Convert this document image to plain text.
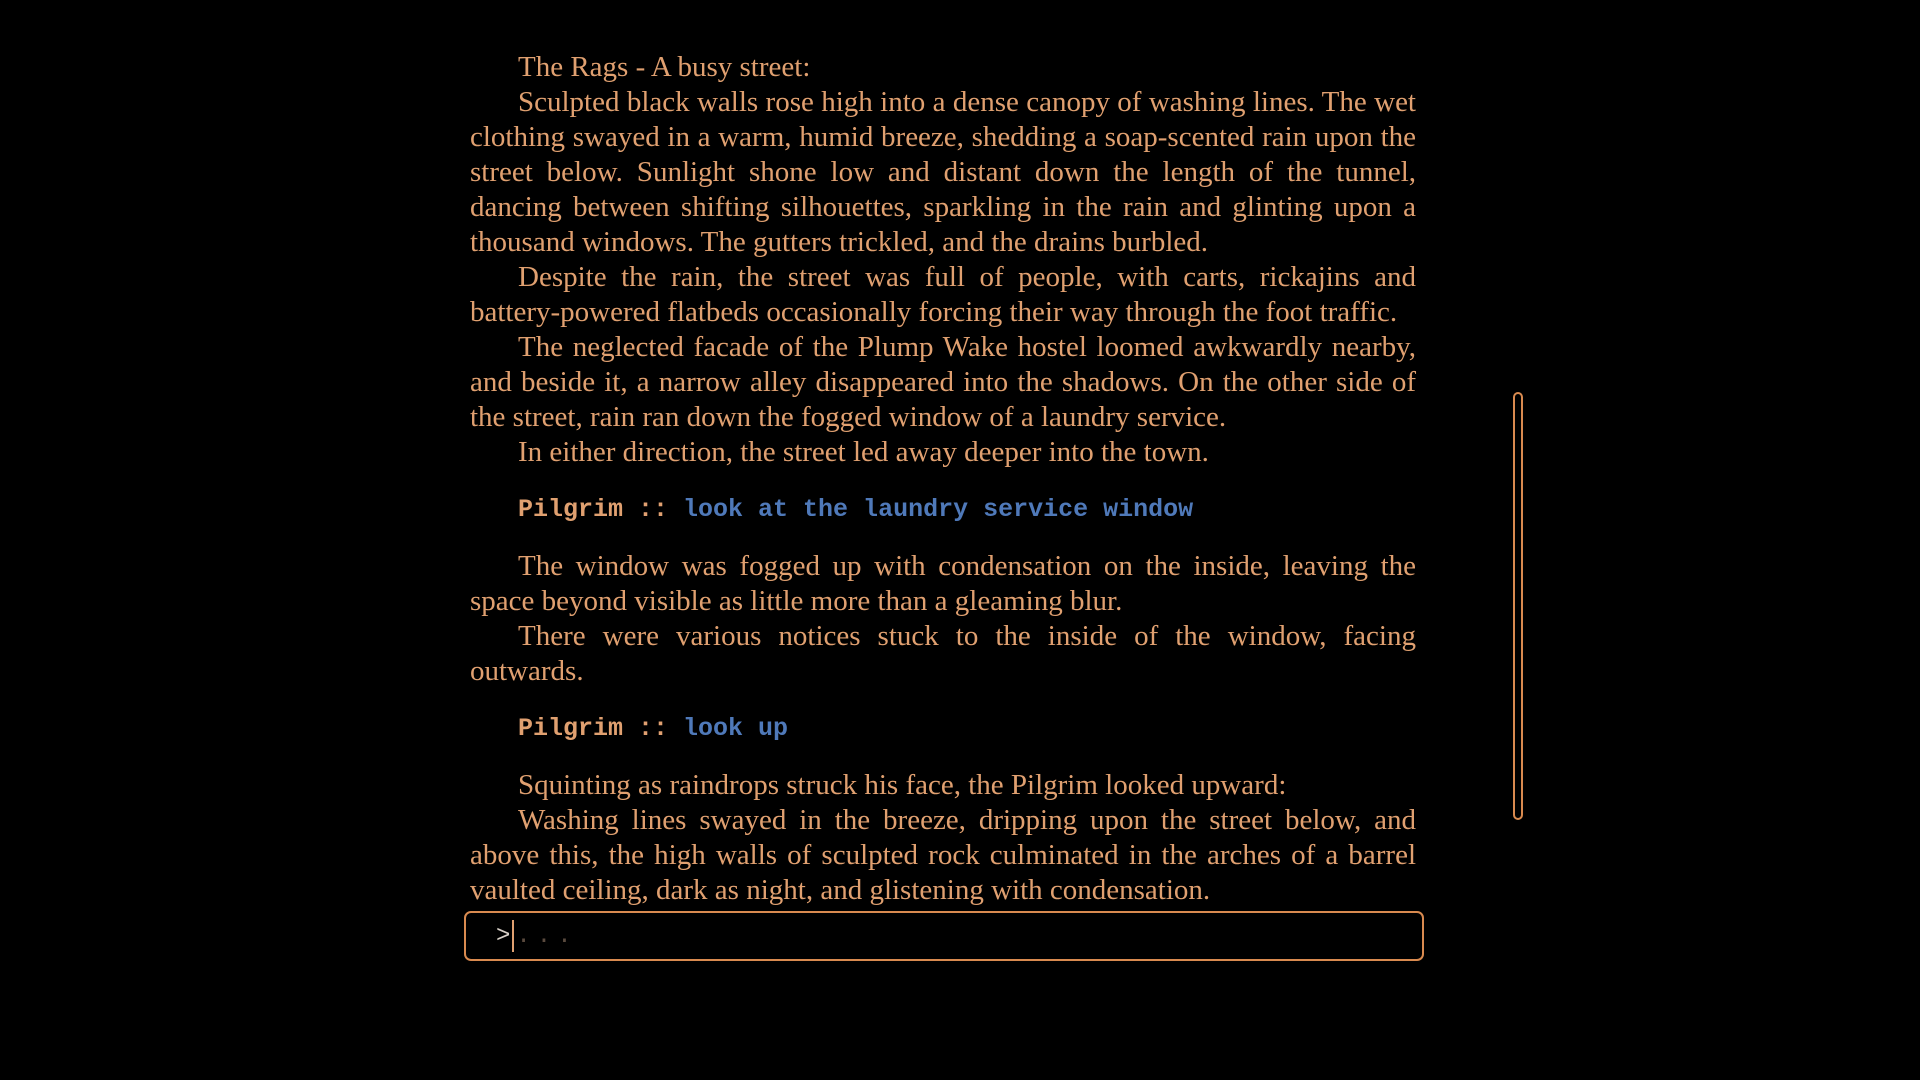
The Rags - A busy street:

Sculpted black walls rose high into a dense canopy of washing lines. The wet clothing swayed in a warm, humid breeze, shedding a soap-scented rain upon the street below. Sunlight shone low and distant down the length of the tunnel, dancing between shifting silhouettes, sparkling in the rain and glinting upon a thousand windows. The gutters trickled, and the drains burbled.

Despite the rain, the street was full of people, with carts, rickajins and battery-powered flatbeds occasionally forcing their way through the foot traffic.

The neglected facade of the Plump Wake hostel loomed awkwardly nearby, and beside it, a narrow alley disappeared into the shadows. On the other side of the street, rain ran down the fogged window of a laundry service.

In either direction, the street led away deeper into the town.

Pilgrim :: look at the laundry service window

The window was fogged up with condensation on the inside, leaving the space beyond visible as little more than a gleaming blur.

There were various notices stuck to the inside of the window, facing outwards.

Pilgrim :: look up

Squinting as raindrops struck his face, the Pilgrim looked upward:

Washing lines swayed in the breeze, dripping upon the street below, and above this, the high walls of sculpted rock culminated in the arches of a barrel vaulted ceiling, dark as night, and glistening with condensation.

>
...
